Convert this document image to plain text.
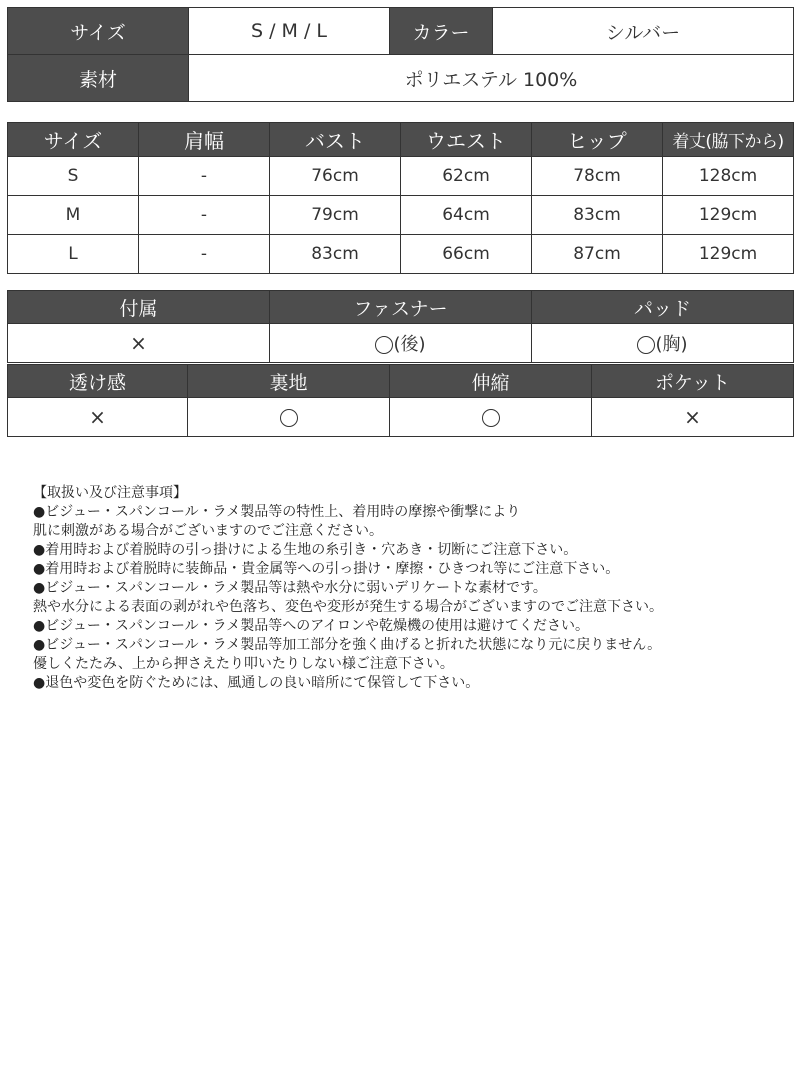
サイズ	S / M / L	カラー	シルバー
素材	ポリエステル 100%		
サイズ	肩幅	バスト	ウエスト	ヒップ	着丈(脇下から)
S	-	76cm	62cm	78cm	128cm
M	-	79cm	64cm	83cm	129cm
L	-	83cm	66cm	87cm	129cm
付属	ファスナー	パッド
×	(後)	(胸)
透け感	裏地	伸縮	ポケット
×			×
【取扱い及び注意事項】
●ビジュー・スパンコール・ラメ製品等の特性上、着用時の摩擦や衝撃により
肌に刺激がある場合がございますのでご注意ください。
●着用時および着脱時の引っ掛けによる生地の糸引き・穴あき・切断にご注意下さい。
●着用時および着脱時に装飾品・貴金属等への引っ掛け・摩擦・ひきつれ等にご注意下さい。
●ビジュー・スパンコール・ラメ製品等は熱や水分に弱いデリケートな素材です。
熱や水分による表面の剥がれや色落ち、変色や変形が発生する場合がございますのでご注意下さい。
●ビジュー・スパンコール・ラメ製品等へのアイロンや乾燥機の使用は避けてください。
●ビジュー・スパンコール・ラメ製品等加工部分を強く曲げると折れた状態になり元に戻りません。
優しくたたみ、上から押さえたり叩いたりしない様ご注意下さい。
●退色や変色を防ぐためには、風通しの良い暗所にて保管して下さい。
